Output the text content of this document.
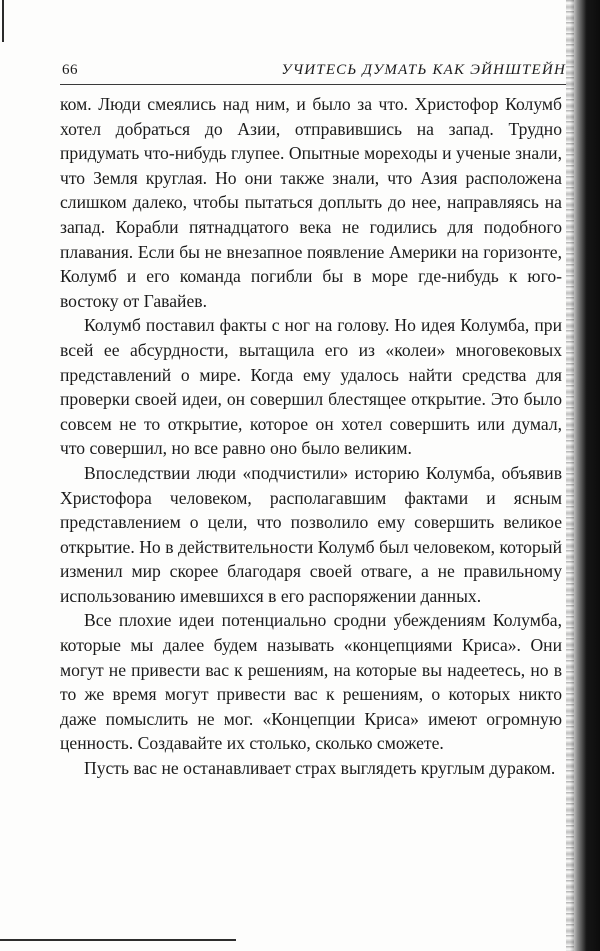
66	УЧИТЕСЬ ДУМАТЬ КАК ЭЙНШТЕЙН

ком. Люди смеялись над ним, и было за что. Христофор Колумб хотел добраться до Азии, отправившись на запад. Трудно придумать что-нибудь глупее. Опытные мореходы и ученые знали, что Земля круглая. Но они также знали, что Азия расположена слишком далеко, чтобы пытаться доплыть до нее, направляясь на запад. Корабли пятнадцатого века не годились для подобного плавания. Если бы не внезапное появление Америки на горизонте, Колумб и его команда погибли бы в море где-нибудь к юго-востоку от Гавайев.

Колумб поставил факты с ног на голову. Но идея Колумба, при всей ее абсурдности, вытащила его из «колеи» многовековых представлений о мире. Когда ему удалось найти средства для проверки своей идеи, он совершил блестящее открытие. Это было совсем не то открытие, которое он хотел совершить или думал, что совершил, но все равно оно было великим.

Впоследствии люди «подчистили» историю Колумба, объявив Христофора человеком, располагавшим фактами и ясным представлением о цели, что позволило ему совершить великое открытие. Но в действительности Колумб был человеком, который изменил мир скорее благодаря своей отваге, а не правильному использованию имевшихся в его распоряжении данных.

Все плохие идеи потенциально сродни убеждениям Колумба, которые мы далее будем называть «концепциями Криса». Они могут не привести вас к решениям, на которые вы надеетесь, но в то же время могут привести вас к решениям, о которых никто даже помыслить не мог. «Концепции Криса» имеют огромную ценность. Создавайте их столько, сколько сможете.

Пусть вас не останавливает страх выглядеть круглым дураком.
